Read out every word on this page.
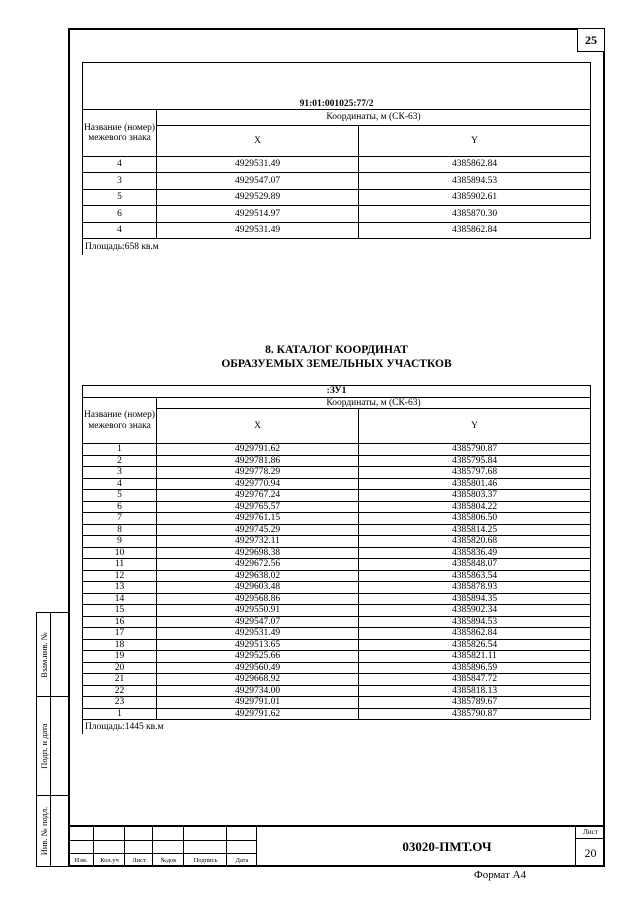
25

91:01:001025:77/2		
Название (номер) межевого знака	Координаты, м (СК-63)	
	X	Y
4	4929531.49	4385862.84
3	4929547.07	4385894.53
5	4929529.89	4385902.61
6	4929514.97	4385870.30
4	4929531.49	4385862.84
Площадь:658 кв.м		
8. КАТАЛОГ КООРДИНАТ
ОБРАЗУЕМЫХ ЗЕМЕЛЬНЫХ УЧАСТКОВ
:ЗУ1		
Название (номер) межевого знака	Координаты, м (СК-63)	
	X	Y
1	4929791.62	4385790.87
2	4929781.86	4385795.84
3	4929778.29	4385797.68
4	4929770.94	4385801.46
5	4929767.24	4385803.37
6	4929765.57	4385804.22
7	4929761.15	4385806.50
8	4929745.29	4385814.25
9	4929732.11	4385820.68
10	4929698.38	4385836.49
11	4929672.56	4385848.07
12	4929638.02	4385863.54
13	4929603.48	4385878.93
14	4929568.86	4385894.35
15	4929550.91	4385902.34
16	4929547.07	4385894.53
17	4929531.49	4385862.84
18	4929513.65	4385826.54
19	4929525.66	4385821.11
20	4929560.49	4385896.59
21	4929668.92	4385847.72
22	4929734.00	4385818.13
23	4929791.01	4385789.67
1	4929791.62	4385790.87
Площадь:1445 кв.м		
Взам.инв. №
Подп. и дата
Инв. № подл.
Изм.	Кол.уч	Лист	№док	Подпись	Дата
03020-ПМТ.ОЧ
Лист
20
Формат А4
